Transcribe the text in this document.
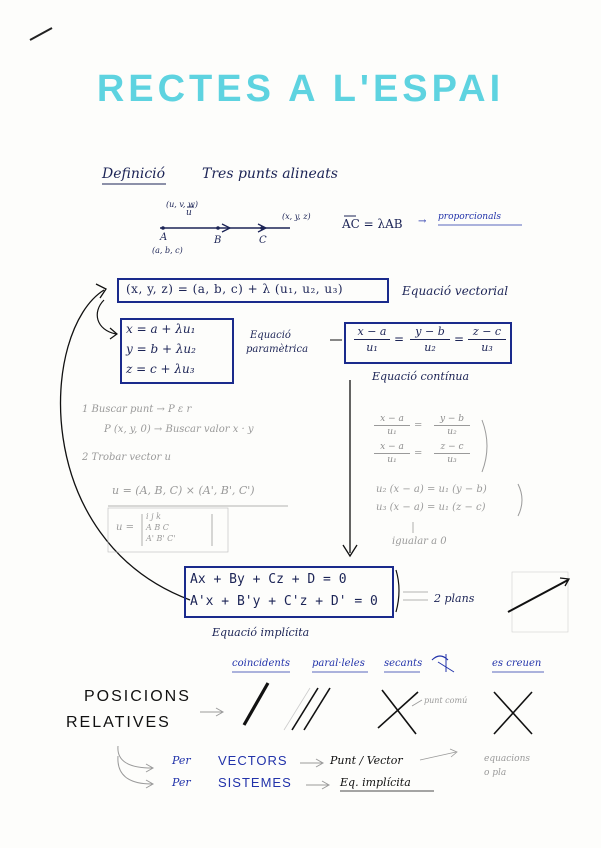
RECTES A L'ESPAI
Definició	Tres punts alineats
(u, v, w)
u
A
(a, b, c)
B	C
(x, y, z)
AC = λAB → proporcionals
(x, y, z) = (a, b, c) + λ (u₁, u₂, u₃)	Equació vectorial
x = a + λu₁
y = b + λu₂
z = c + λu₃
Equació
paramètrica
x − a
u₁
=
y − b
u₂
=
z − c
u₃
Equació contínua
1 Buscar punt → P ε r
P (x, y, 0) → Buscar valor x · y
2 Trobar vector u
u = (A, B, C) × (A', B', C')
u =
i j k
A B C
A' B' C'
x − a
u₁
=
y − b
u₂
x − a
u₁
=
z − c
u₃
u₂ (x − a) = u₁ (y − b)
u₃ (x − a) = u₁ (z − c)
igualar a 0
Ax + By + Cz + D = 0
A'x + B'y + C'z + D' = 0	2 plans
Equació implícita
coincidents paral·leles secants	es creuen
POSICIONS
RELATIVES
punt comú
Per VECTORS	Punt / Vector
Per SISTEMES	Eq. implícita
equacions
o pla
